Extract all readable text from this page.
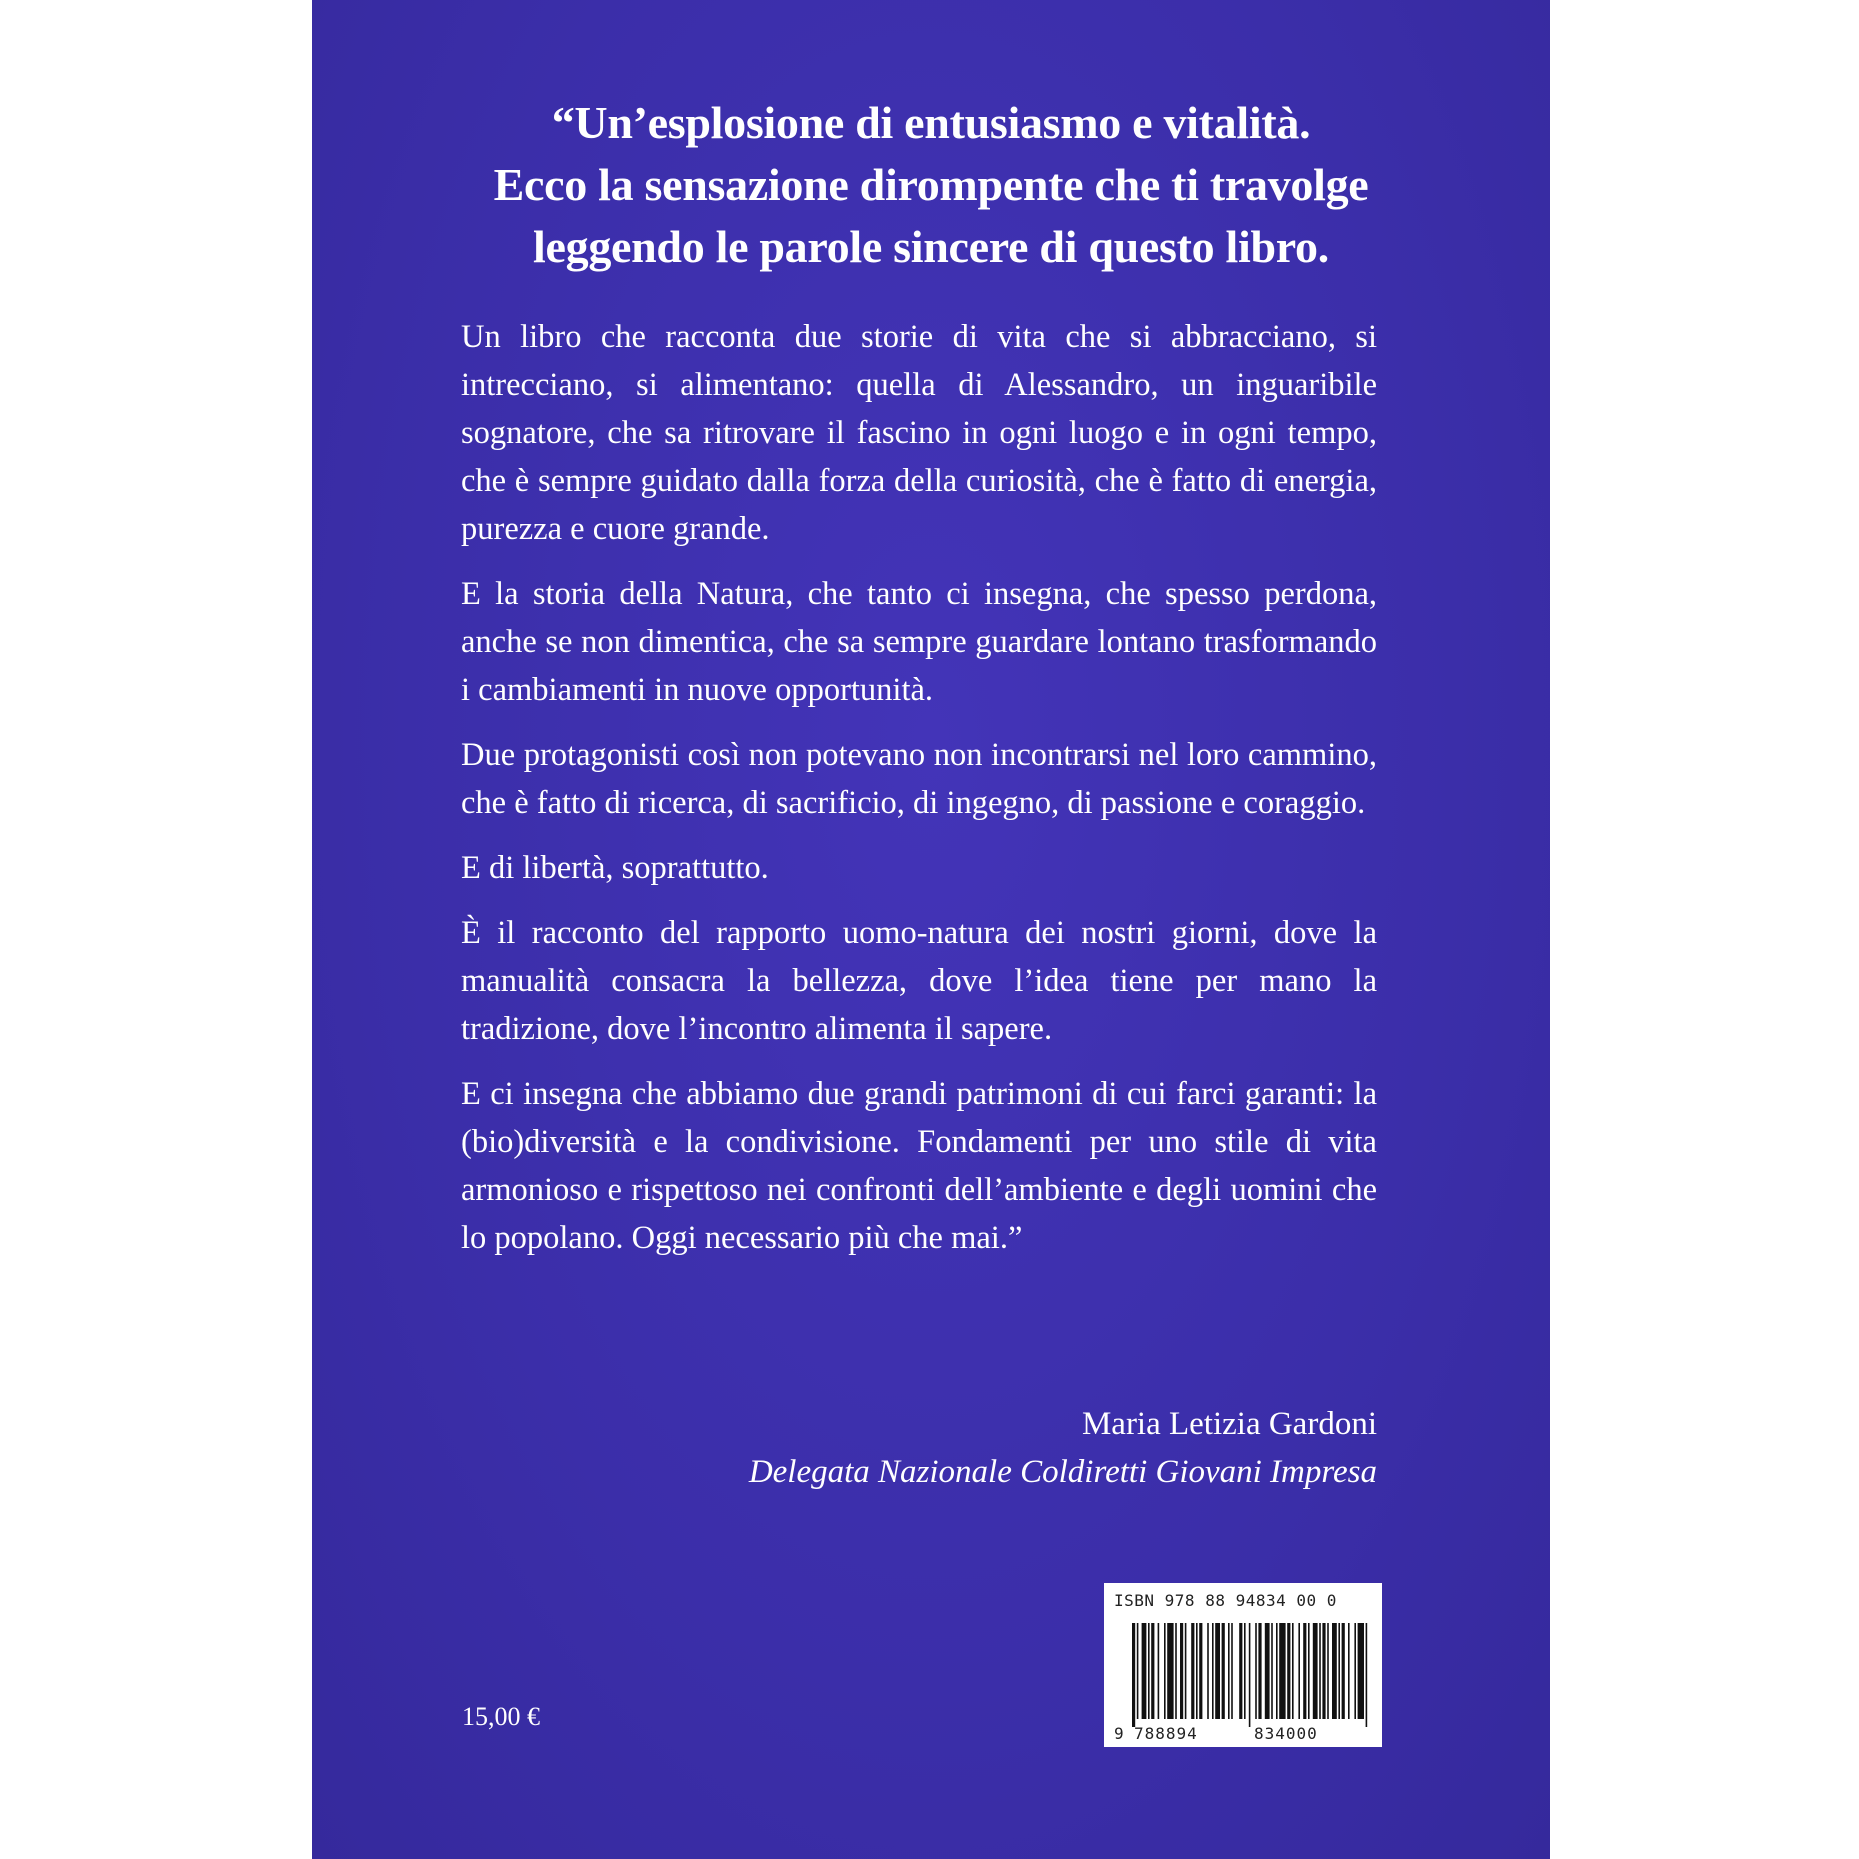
“Un’esplosione di entusiasmo e vitalità.
Ecco la sensazione dirompente che ti travolge
leggendo le parole sincere di questo libro.

Un libro che racconta due storie di vita che si abbracciano, si intrecciano, si alimentano: quella di Alessandro, un inguaribile sognatore, che sa ritrovare il fascino in ogni luogo e in ogni tempo, che è sempre guidato dalla forza della curiosità, che è fatto di energia, purezza e cuore grande.

E la storia della Natura, che tanto ci insegna, che spesso perdona, anche se non dimentica, che sa sempre guardare lontano trasformando i cambiamenti in nuove opportunità.

Due protagonisti così non potevano non incontrarsi nel loro cammino, che è fatto di ricerca, di sacrificio, di ingegno, di passione e coraggio.

E di libertà, soprattutto.

È il racconto del rapporto uomo-natura dei nostri giorni, dove la manualità consacra la bellezza, dove l’idea tiene per mano la tradizione, dove l’incontro alimenta il sapere.

E ci insegna che abbiamo due grandi patrimoni di cui farci garanti: la (bio)diversità e la condivisione. Fondamenti per uno stile di vita armonioso e rispettoso nei confronti dell’ambiente e degli uomini che lo popolano. Oggi necessario più che mai.”

Maria Letizia Gardoni
Delegata Nazionale Coldiretti Giovani Impresa
15,00 €
ISBN 978 88 94834 00 0
9 788894	834000
